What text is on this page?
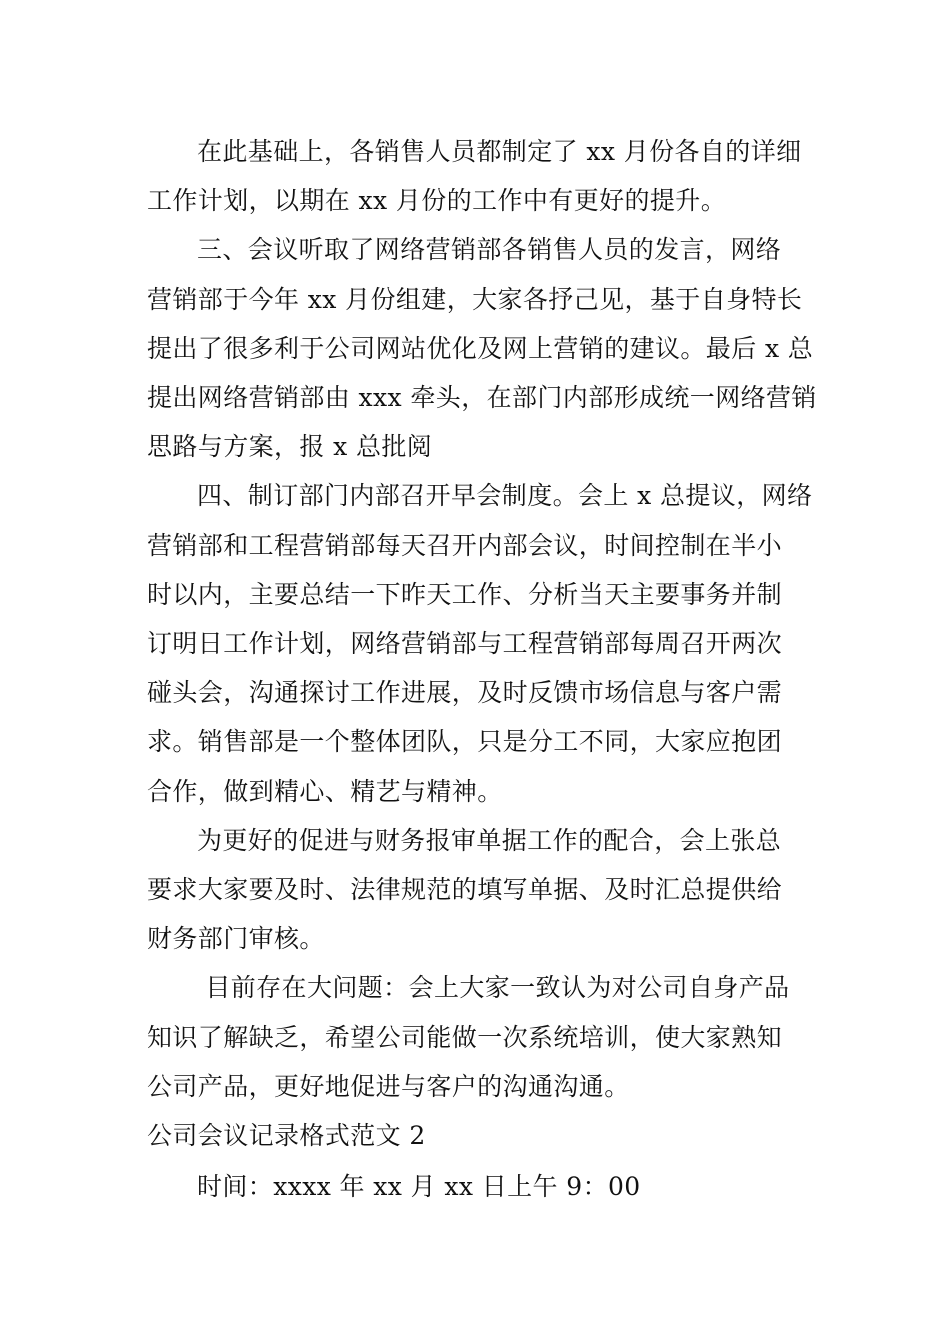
在此基础上，各销售人员都制定了 xx 月份各自的详细
工作计划，以期在 xx 月份的工作中有更好的提升。

三、会议听取了网络营销部各销售人员的发言，网络
营销部于今年 xx 月份组建，大家各抒己见，基于自身特长
提出了很多利于公司网站优化及网上营销的建议。最后 x 总
提出网络营销部由 xxx 牵头，在部门内部形成统一网络营销
思路与方案，报 x 总批阅

四、制订部门内部召开早会制度。会上 x 总提议，网络
营销部和工程营销部每天召开内部会议，时间控制在半小
时以内，主要总结一下昨天工作、分析当天主要事务并制
订明日工作计划，网络营销部与工程营销部每周召开两次
碰头会，沟通探讨工作进展，及时反馈市场信息与客户需
求。销售部是一个整体团队，只是分工不同，大家应抱团
合作，做到精心、精艺与精神。

为更好的促进与财务报审单据工作的配合，会上张总
要求大家要及时、法律规范的填写单据、及时汇总提供给
财务部门审核。

目前存在大问题：会上大家一致认为对公司自身产品
知识了解缺乏，希望公司能做一次系统培训，使大家熟知
公司产品，更好地促进与客户的沟通沟通。

公司会议记录格式范文 2

时间：xxxx 年 xx 月 xx 日上午 9：00
